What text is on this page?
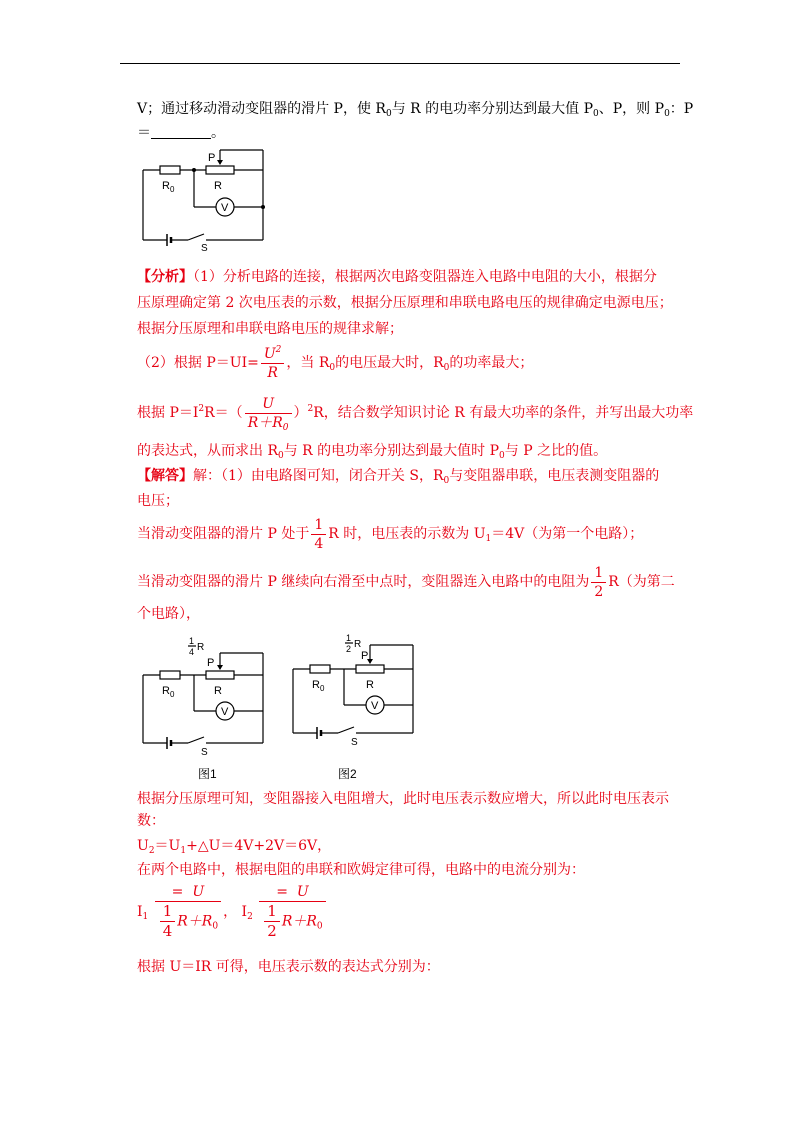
V；通过移动滑动变阻器的滑片 P，使 $R_0$与 R 的电功率分别达到最大值 $P_0$、P，则 $P_0$：P
＝	。
R 0
P
R
V
S
【分析】（1）分析电路的连接，根据两次电路变阻器连入电路中电阻的大小，根据分
压原理确定第 2 次电压表的示数，根据分压原理和串联电路电压的规律确定电源电压；
根据分压原理和串联电路电压的规律求解；
（2）根据 $P=UI= \frac{U^2}{R}$ ，当 $R_0$的电压最大时，$R_0$的功率最大；
根据 $P=I^2R=( \frac{U}{R+R_0} )^2R$，结合数学知识讨论 R 有最大功率的条件，并写出最大功率
的表达式，从而求出 $R_0$与 R 的电功率分别达到最大值时 $P_0$与 P 之比的值。
【解答】解：（1）由电路图可知，闭合开关 S，$R_0$与变阻器串联，电压表测变阻器的
电压；
当滑动变阻器的滑片 P 处于 $\frac{1}{4}$ R 时，电压表的示数为 $U_1=4V$（为第一个电路）；
当滑动变阻器的滑片 P 继续向右滑至中点时，变阻器连入电路中的电阻为 $\frac{1}{2} R$（为第二
个电路），
1
4 R
P
R 0	R
V
S
图1
1
2 R
P
R 0	R
V
S
图2
根据分压原理可知，变阻器接入电阻增大，此时电压表示数应增大，所以此时电压表示
数：
$U_2=U_1+\triangle U=4V+2V=6V$，
在两个电路中，根据电阻的串联和欧姆定律可得，电路中的电流分别为：
$I_1 \frac{= U}{\frac{1}{4} R+R_0}$ ， $I_2 \frac{= U}{\frac{1}{2} R+R_0}$
根据 U＝IR 可得，电压表示数的表达式分别为：
